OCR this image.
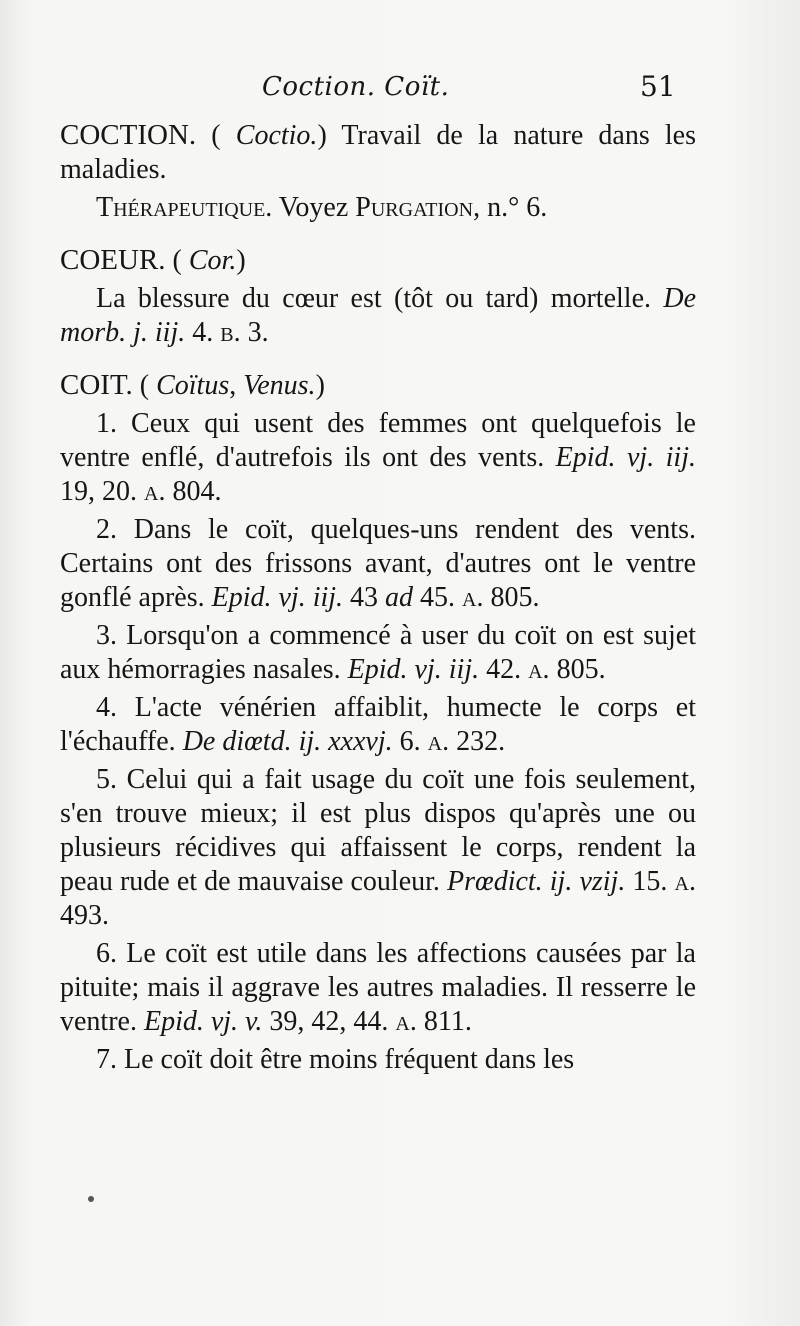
Coction. Coït.	51

COCTION. ( Coctio.) Travail de la nature dans les maladies.

Thérapeutique. Voyez Purgation, n.° 6.

COEUR. ( Cor.)

La blessure du cœur est (tôt ou tard) mortelle. De morb. j. iij. 4. b. 3.

COIT. ( Coïtus, Venus.)

1. Ceux qui usent des femmes ont quelquefois le ventre enflé, d'autrefois ils ont des vents. Epid. vj. iij. 19, 20. a. 804.

2. Dans le coït, quelques-uns rendent des vents. Certains ont des frissons avant, d'autres ont le ventre gonflé après. Epid. vj. iij. 43 ad 45. a. 805.

3. Lorsqu'on a commencé à user du coït on est sujet aux hémorragies nasales. Epid. vj. iij. 42. a. 805.

4. L'acte vénérien affaiblit, humecte le corps et l'échauffe. De diœtd. ij. xxxvj. 6. a. 232.

5. Celui qui a fait usage du coït une fois seulement, s'en trouve mieux; il est plus dispos qu'après une ou plusieurs récidives qui affaissent le corps, rendent la peau rude et de mauvaise couleur. Prœdict. ij. vzij. 15. a. 493.

6. Le coït est utile dans les affections causées par la pituite; mais il aggrave les autres maladies. Il resserre le ventre. Epid. vj. v. 39, 42, 44. a. 811.

7. Le coït doit être moins fréquent dans les
